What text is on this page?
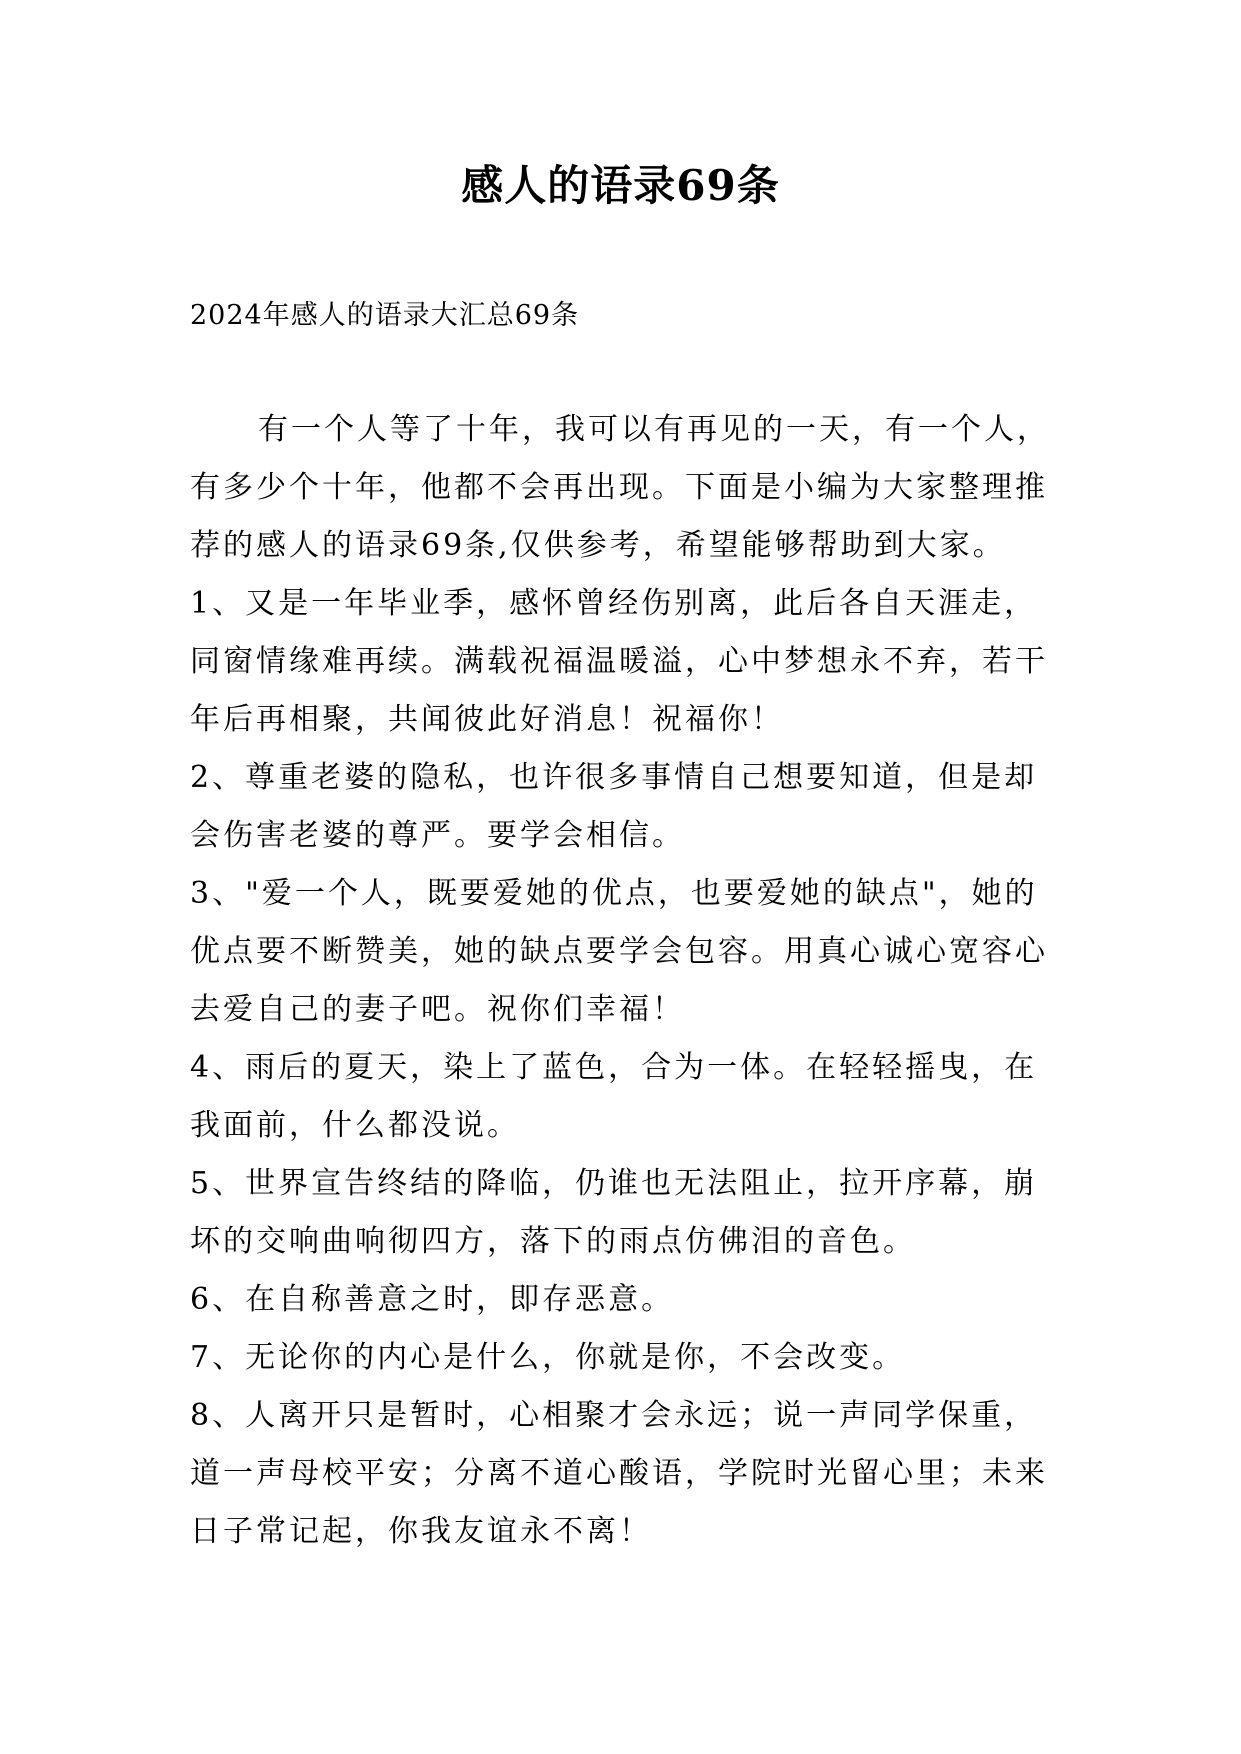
感人的语录69条
2024年感人的语录大汇总69条

有一个人等了十年，我可以有再见的一天，有一个人，有多少个十年，他都不会再出现。下面是小编为大家整理推荐的感人的语录69条,仅供参考，希望能够帮助到大家。

1、又是一年毕业季，感怀曾经伤别离，此后各自天涯走，同窗情缘难再续。满载祝福温暖溢，心中梦想永不弃，若干年后再相聚，共闻彼此好消息！祝福你！

2、尊重老婆的隐私，也许很多事情自己想要知道，但是却会伤害老婆的尊严。要学会相信。

3、"爱一个人，既要爱她的优点，也要爱她的缺点"，她的优点要不断赞美，她的缺点要学会包容。用真心诚心宽容心去爱自己的妻子吧。祝你们幸福！

4、雨后的夏天，染上了蓝色，合为一体。在轻轻摇曳，在我面前，什么都没说。

5、世界宣告终结的降临，仍谁也无法阻止，拉开序幕，崩坏的交响曲响彻四方，落下的雨点仿佛泪的音色。

6、在自称善意之时，即存恶意。

7、无论你的内心是什么，你就是你，不会改变。

8、人离开只是暂时，心相聚才会永远；说一声同学保重，道一声母校平安；分离不道心酸语，学院时光留心里；未来日子常记起，你我友谊永不离！
